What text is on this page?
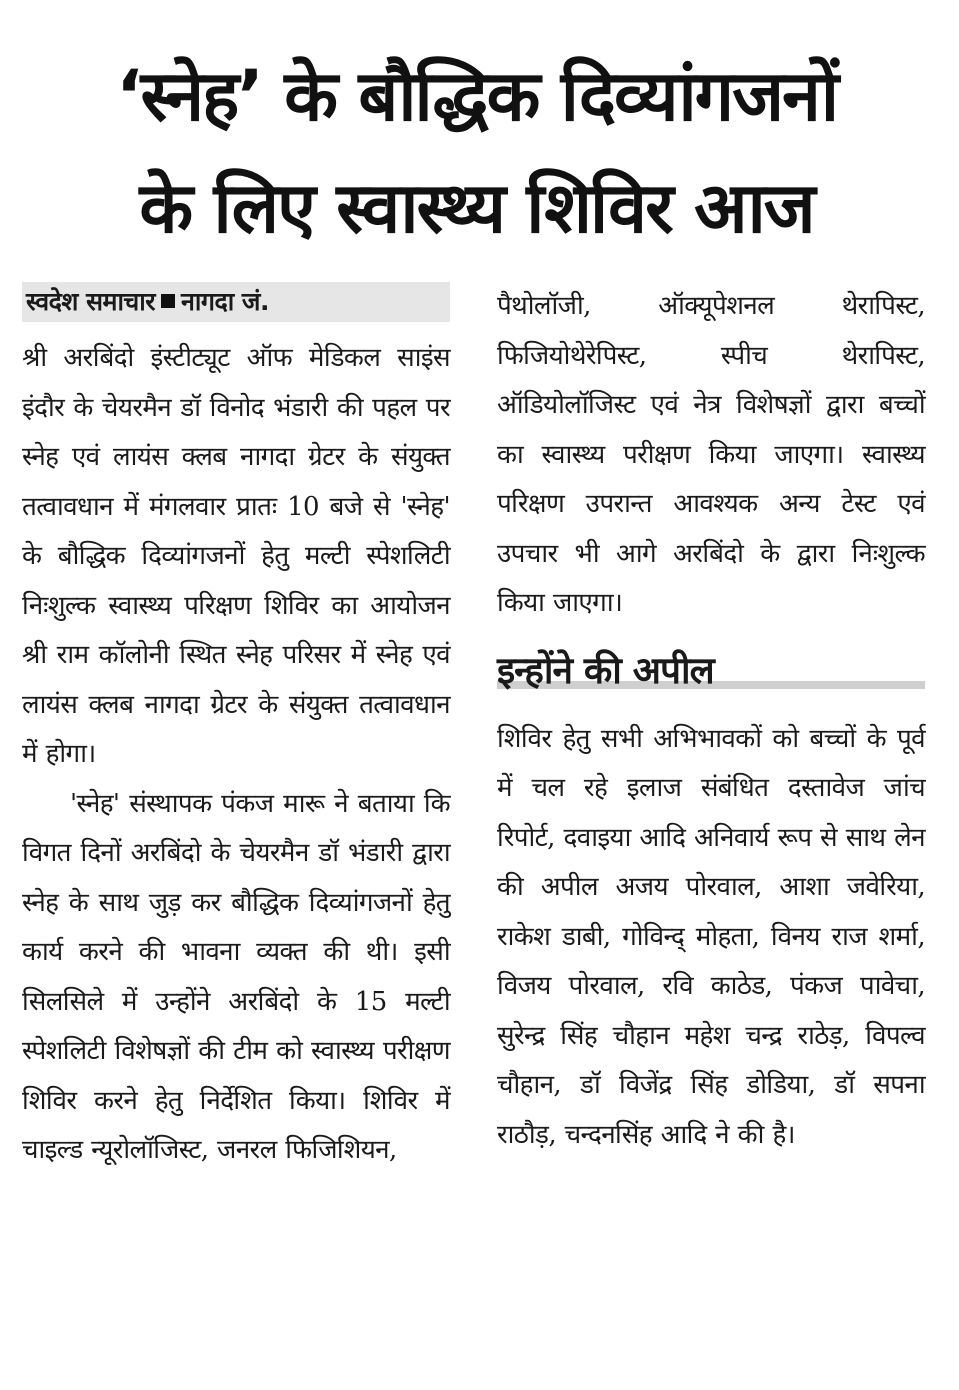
‘स्नेह’ के बौद्धिक दिव्यांगजनों
के लिए स्वास्थ्य शिविर आज
स्वदेश समाचार नागदा जं.

श्री अरबिंदो इंस्टीट्यूट ऑफ मेडिकल साइंस इंदौर के चेयरमैन डॉ विनोद भंडारी की पहल पर स्नेह एवं लायंस क्लब नागदा ग्रेटर के संयुक्त तत्वावधान में मंगलवार प्रातः 10 बजे से 'स्नेह' के बौद्धिक दिव्यांगजनों हेतु मल्टी स्पेशलिटी निःशुल्क स्वास्थ्य परिक्षण शिविर का आयोजन श्री राम कॉलोनी स्थित स्नेह परिसर में स्नेह एवं लायंस क्लब नागदा ग्रेटर के संयुक्त तत्वावधान में होगा।

'स्नेह' संस्थापक पंकज मारू ने बताया कि विगत दिनों अरबिंदो के चेयरमैन डॉ भंडारी द्वारा स्नेह के साथ जुड़ कर बौद्धिक दिव्यांगजनों हेतु कार्य करने की भावना व्यक्त की थी। इसी सिलसिले में उन्होंने अरबिंदो के 15 मल्टी स्पेशलिटी विशेषज्ञों की टीम को स्वास्थ्य परीक्षण शिविर करने हेतु निर्देशित किया। शिविर में चाइल्ड न्यूरोलॉजिस्ट, जनरल फिजिशियन,

पैथोलॉजी, ऑक्यूपेशनल थेरापिस्ट, फिजियोथेरेपिस्ट, स्पीच थेरापिस्ट, ऑडियोलॉजिस्ट एवं नेत्र विशेषज्ञों द्वारा बच्चों का स्वास्थ्य परीक्षण किया जाएगा। स्वास्थ्य परिक्षण उपरान्त आवश्यक अन्य टेस्ट एवं उपचार भी आगे अरबिंदो के द्वारा निःशुल्क किया जाएगा।

इन्होंने की अपील

शिविर हेतु सभी अभिभावकों को बच्चों के पूर्व में चल रहे इलाज संबंधित दस्तावेज जांच रिपोर्ट, दवाइया आदि अनिवार्य रूप से साथ लेन की अपील अजय पोरवाल, आशा जवेरिया, राकेश डाबी, गोविन्द् मोहता, विनय राज शर्मा, विजय पोरवाल, रवि काठेड, पंकज पावेचा, सुरेन्द्र सिंह चौहान महेश चन्द्र राठेड़, विपल्व चौहान, डॉ विजेंद्र सिंह डोडिया, डॉ सपना राठौड़, चन्दनसिंह आदि ने की है।
